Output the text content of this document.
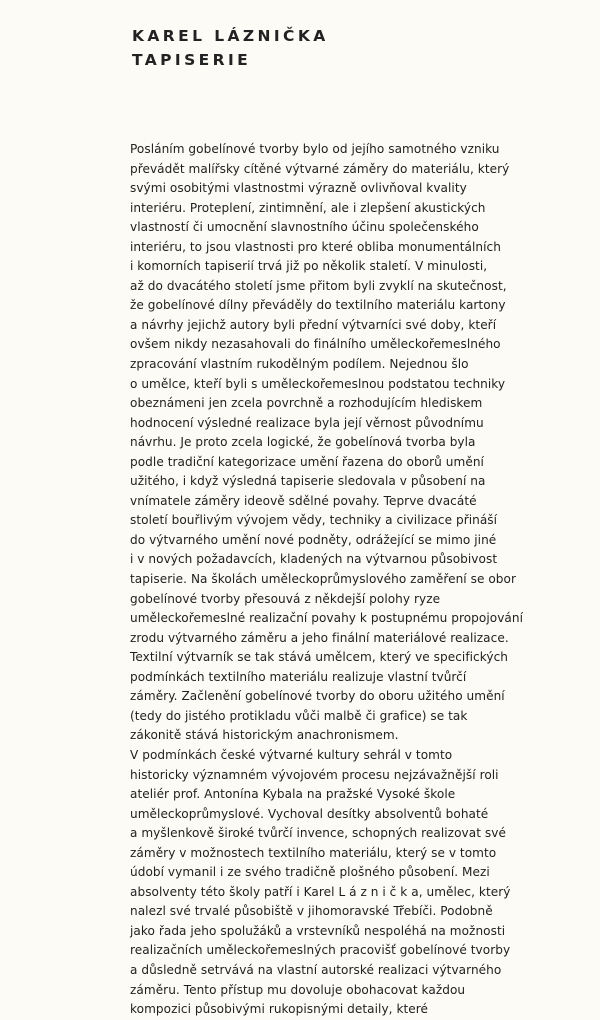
KAREL LÁZNIČKA
TAPISERIE
Posláním gobelínové tvorby bylo od jejího samotného vzniku
převádět malířsky cítěné výtvarné záměry do materiálu, který
svými osobitými vlastnostmi výrazně ovlivňoval kvality
interiéru. Proteplení, zintimnění, ale i zlepšení akustických
vlastností či umocnění slavnostního účinu společenského
interiéru, to jsou vlastnosti pro které obliba monumentálních
i komorních tapiserií trvá již po několik staletí. V minulosti,
až do dvacátého století jsme přitom byli zvyklí na skutečnost,
že gobelínové dílny převáděly do textilního materiálu kartony
a návrhy jejichž autory byli přední výtvarníci své doby, kteří
ovšem nikdy nezasahovali do finálního uměleckořemeslného
zpracování vlastním rukodělným podílem. Nejednou šlo
o umělce, kteří byli s uměleckořemeslnou podstatou techniky
obeznámeni jen zcela povrchně a rozhodujícím hlediskem
hodnocení výsledné realizace byla její věrnost původnímu
návrhu. Je proto zcela logické, že gobelínová tvorba byla
podle tradiční kategorizace umění řazena do oborů umění
užitého, i když výsledná tapiserie sledovala v působení na
vnímatele záměry ideově sdělné povahy. Teprve dvacáté
století bouřlivým vývojem vědy, techniky a civilizace přináší
do výtvarného umění nové podněty, odrážející se mimo jiné
i v nových požadavcích, kladených na výtvarnou působivost
tapiserie. Na školách uměleckoprůmyslového zaměření se obor
gobelínové tvorby přesouvá z někdejší polohy ryze
uměleckořemeslné realizační povahy k postupnému propojování
zrodu výtvarného záměru a jeho finální materiálové realizace.
Textilní výtvarník se tak stává umělcem, který ve specifických
podmínkách textilního materiálu realizuje vlastní tvůrčí
záměry. Začlenění gobelínové tvorby do oboru užitého umění
(tedy do jistého protikladu vůči malbě či grafice) se tak
zákonitě stává historickým anachronismem.
V podmínkách české výtvarné kultury sehrál v tomto
historicky významném vývojovém procesu nejzávažnější roli
ateliér prof. Antonína Kybala na pražské Vysoké škole
uměleckoprůmyslové. Vychoval desítky absolventů bohaté
a myšlenkově široké tvůrčí invence, schopných realizovat své
záměry v možnostech textilního materiálu, který se v tomto
údobí vymanil i ze svého tradičně plošného působení. Mezi
absolventy této školy patří i Karel L á z n i č k a, umělec, který
nalezl své trvalé působiště v jihomoravské Třebíči. Podobně
jako řada jeho spolužáků a vrstevníků nespoléhá na možnosti
realizačních uměleckořemeslných pracovišť gobelínové tvorby
a důsledně setrvává na vlastní autorské realizaci výtvarného
záměru. Tento přístup mu dovoluje obohacovat každou
kompozici působivými rukopisnými detaily, které
